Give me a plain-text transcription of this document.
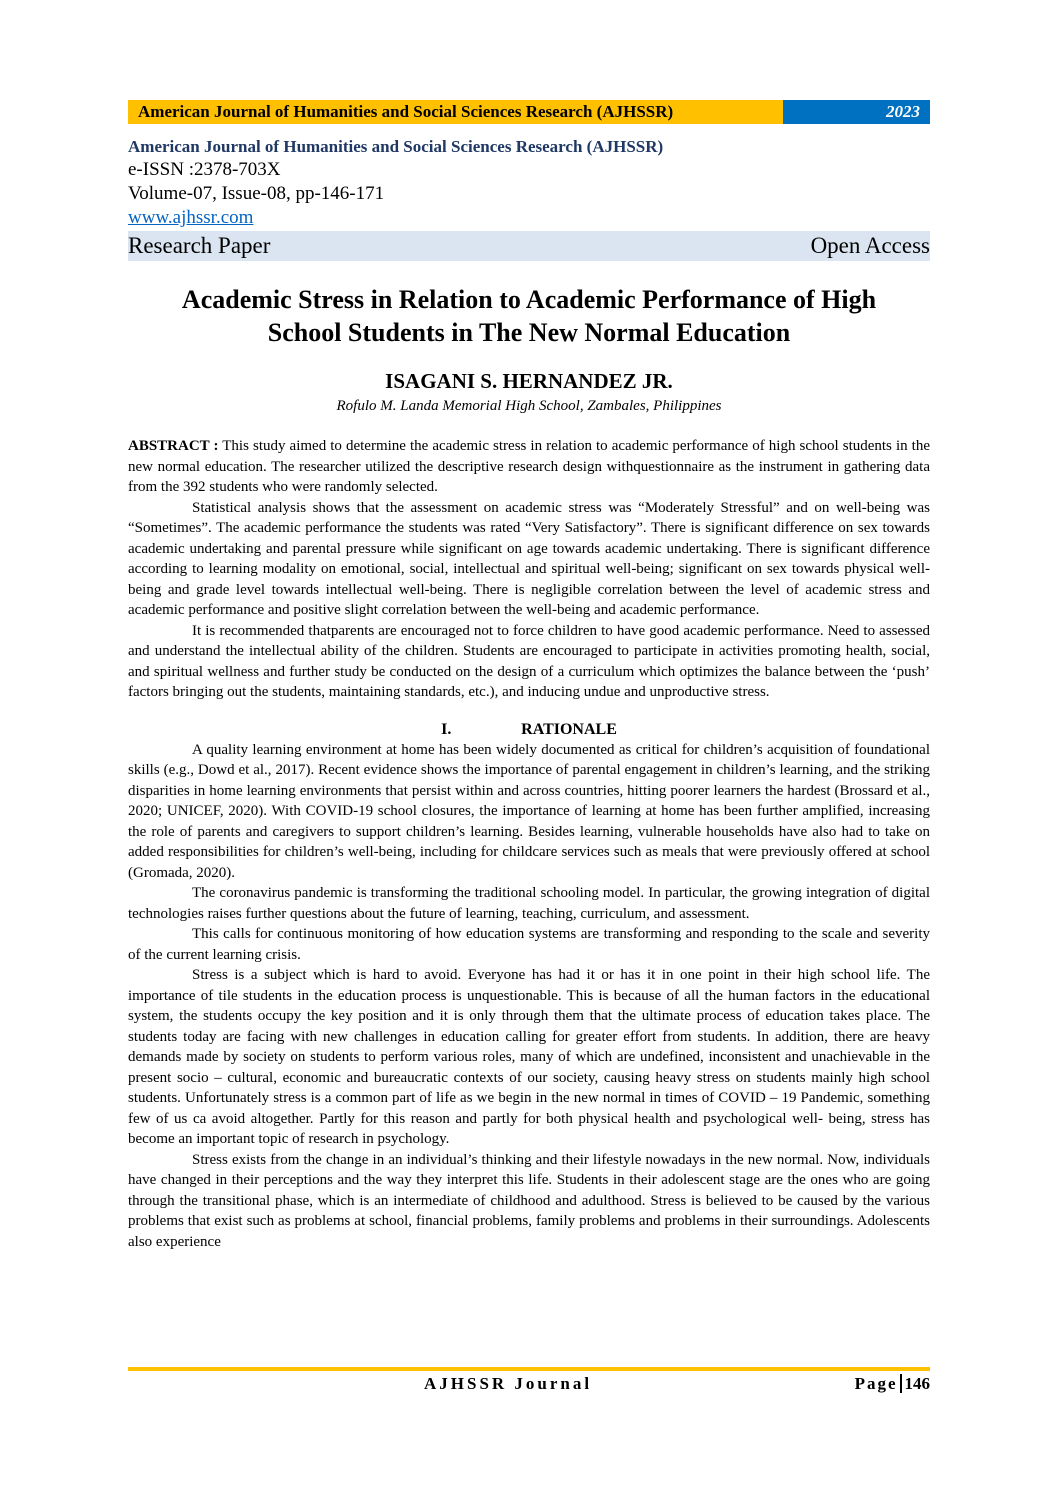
American Journal of Humanities and Social Sciences Research (AJHSSR)	2023
American Journal of Humanities and Social Sciences Research (AJHSSR)
e-ISSN :2378-703X
Volume-07, Issue-08, pp-146-171
www.ajhssr.com
Research Paper	Open Access
Academic Stress in Relation to Academic Performance of High
School Students in The New Normal Education
ISAGANI S. HERNANDEZ JR.
Rofulo M. Landa Memorial High School, Zambales, Philippines

ABSTRACT : This study aimed to determine the academic stress in relation to academic performance of high school students in the new normal education. The researcher utilized the descriptive research design withquestionnaire as the instrument in gathering data from the 392 students who were randomly selected.

Statistical analysis shows that the assessment on academic stress was “Moderately Stressful” and on well-being was “Sometimes”. The academic performance the students was rated “Very Satisfactory”. There is significant difference on sex towards academic undertaking and parental pressure while significant on age towards academic undertaking. There is significant difference according to learning modality on emotional, social, intellectual and spiritual well-being; significant on sex towards physical well-being and grade level towards intellectual well-being. There is negligible correlation between the level of academic stress and academic performance and positive slight correlation between the well-being and academic performance.

It is recommended thatparents are encouraged not to force children to have good academic performance. Need to assessed and understand the intellectual ability of the children. Students are encouraged to participate in activities promoting health, social, and spiritual wellness and further study be conducted on the design of a curriculum which optimizes the balance between the ‘push’ factors bringing out the students, maintaining standards, etc.), and inducing undue and unproductive stress.

I.	RATIONALE

A quality learning environment at home has been widely documented as critical for children’s acquisition of foundational skills (e.g., Dowd et al., 2017). Recent evidence shows the importance of parental engagement in children’s learning, and the striking disparities in home learning environments that persist within and across countries, hitting poorer learners the hardest (Brossard et al., 2020; UNICEF, 2020). With COVID-19 school closures, the importance of learning at home has been further amplified, increasing the role of parents and caregivers to support children’s learning. Besides learning, vulnerable households have also had to take on added responsibilities for children’s well-being, including for childcare services such as meals that were previously offered at school (Gromada, 2020).

The coronavirus pandemic is transforming the traditional schooling model. In particular, the growing integration of digital technologies raises further questions about the future of learning, teaching, curriculum, and assessment.

This calls for continuous monitoring of how education systems are transforming and responding to the scale and severity of the current learning crisis.

Stress is a subject which is hard to avoid. Everyone has had it or has it in one point in their high school life. The importance of tile students in the education process is unquestionable. This is because of all the human factors in the educational system, the students occupy the key position and it is only through them that the ultimate process of education takes place. The students today are facing with new challenges in education calling for greater effort from students. In addition, there are heavy demands made by society on students to perform various roles, many of which are undefined, inconsistent and unachievable in the present socio – cultural, economic and bureaucratic contexts of our society, causing heavy stress on students mainly high school students. Unfortunately stress is a common part of life as we begin in the new normal in times of COVID – 19 Pandemic, something few of us ca avoid altogether. Partly for this reason and partly for both physical health and psychological well- being, stress has become an important topic of research in psychology.

Stress exists from the change in an individual’s thinking and their lifestyle nowadays in the new normal. Now, individuals have changed in their perceptions and the way they interpret this life. Students in their adolescent stage are the ones who are going through the transitional phase, which is an intermediate of childhood and adulthood. Stress is believed to be caused by the various problems that exist such as problems at school, financial problems, family problems and problems in their surroundings. Adolescents also experience

AJHSSR Journal	Page 146
